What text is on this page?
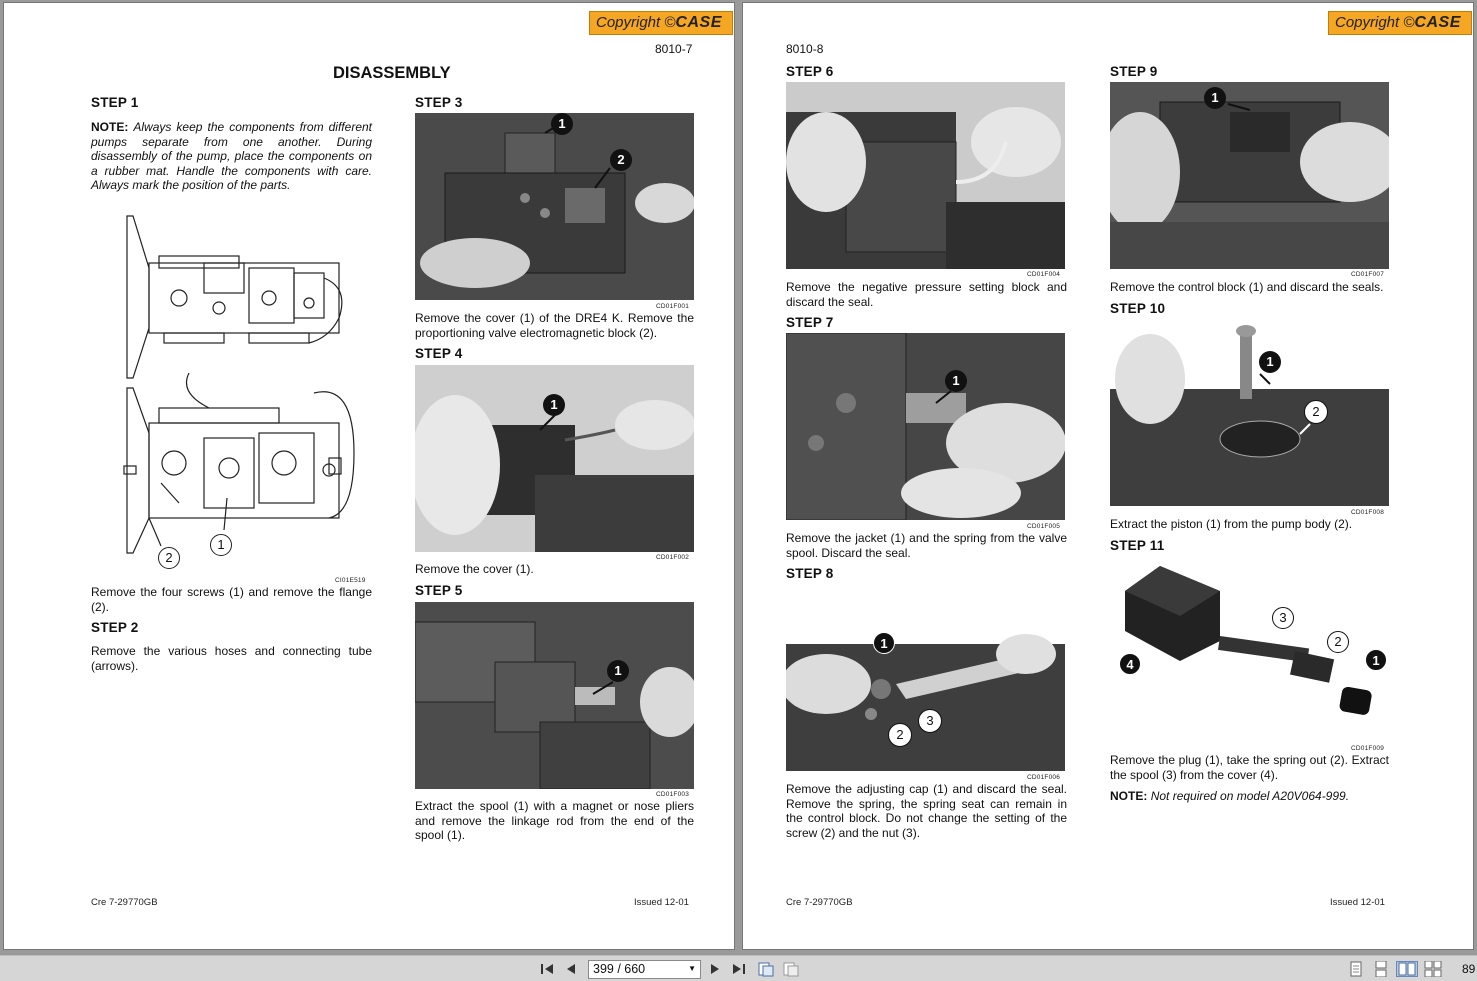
Copyright ©CASE
8010-7
DISASSEMBLY
STEP 1
NOTE: Always keep the components from different pumps separate from one another. During disassembly of the pump, place the components on a rubber mat. Handle the components with care. Always mark the position of the parts.
1
2
CI01E519
Remove the four screws (1) and remove the flange (2).
STEP 2
Remove the various hoses and connecting tube (arrows).
STEP 3
1
2
CD01F001
Remove the cover (1) of the DRE4 K. Remove the proportioning valve electromagnetic block (2).
STEP 4
1
CD01F002
Remove the cover (1).
STEP 5
1
CD01F003
Extract the spool (1) with a magnet or nose pliers and remove the linkage rod from the end of the spool (1).
Cre 7-29770GB	Issued 12-01
Copyright ©CASE
8010-8
STEP 6
CD01F004
Remove the negative pressure setting block and discard the seal.
STEP 7
1
CD01F005
Remove the jacket (1) and the spring from the valve spool. Discard the seal.
STEP 8
1
2
3
CD01F006
Remove the adjusting cap (1) and discard the seal. Remove the spring, the spring seat can remain in the control block. Do not change the setting of the screw (2) and the nut (3).
STEP 9
1
CD01F007
Remove the control block (1) and discard the seals.
STEP 10
1
2
CD01F008
Extract the piston (1) from the pump body (2).
STEP 11
1
2
3
4
CD01F009
Remove the plug (1), take the spring out (2). Extract the spool (3) from the cover (4).
NOTE: Not required on model A20V064-999.
Cre 7-29770GB	Issued 12-01
399 / 660	▼	89
